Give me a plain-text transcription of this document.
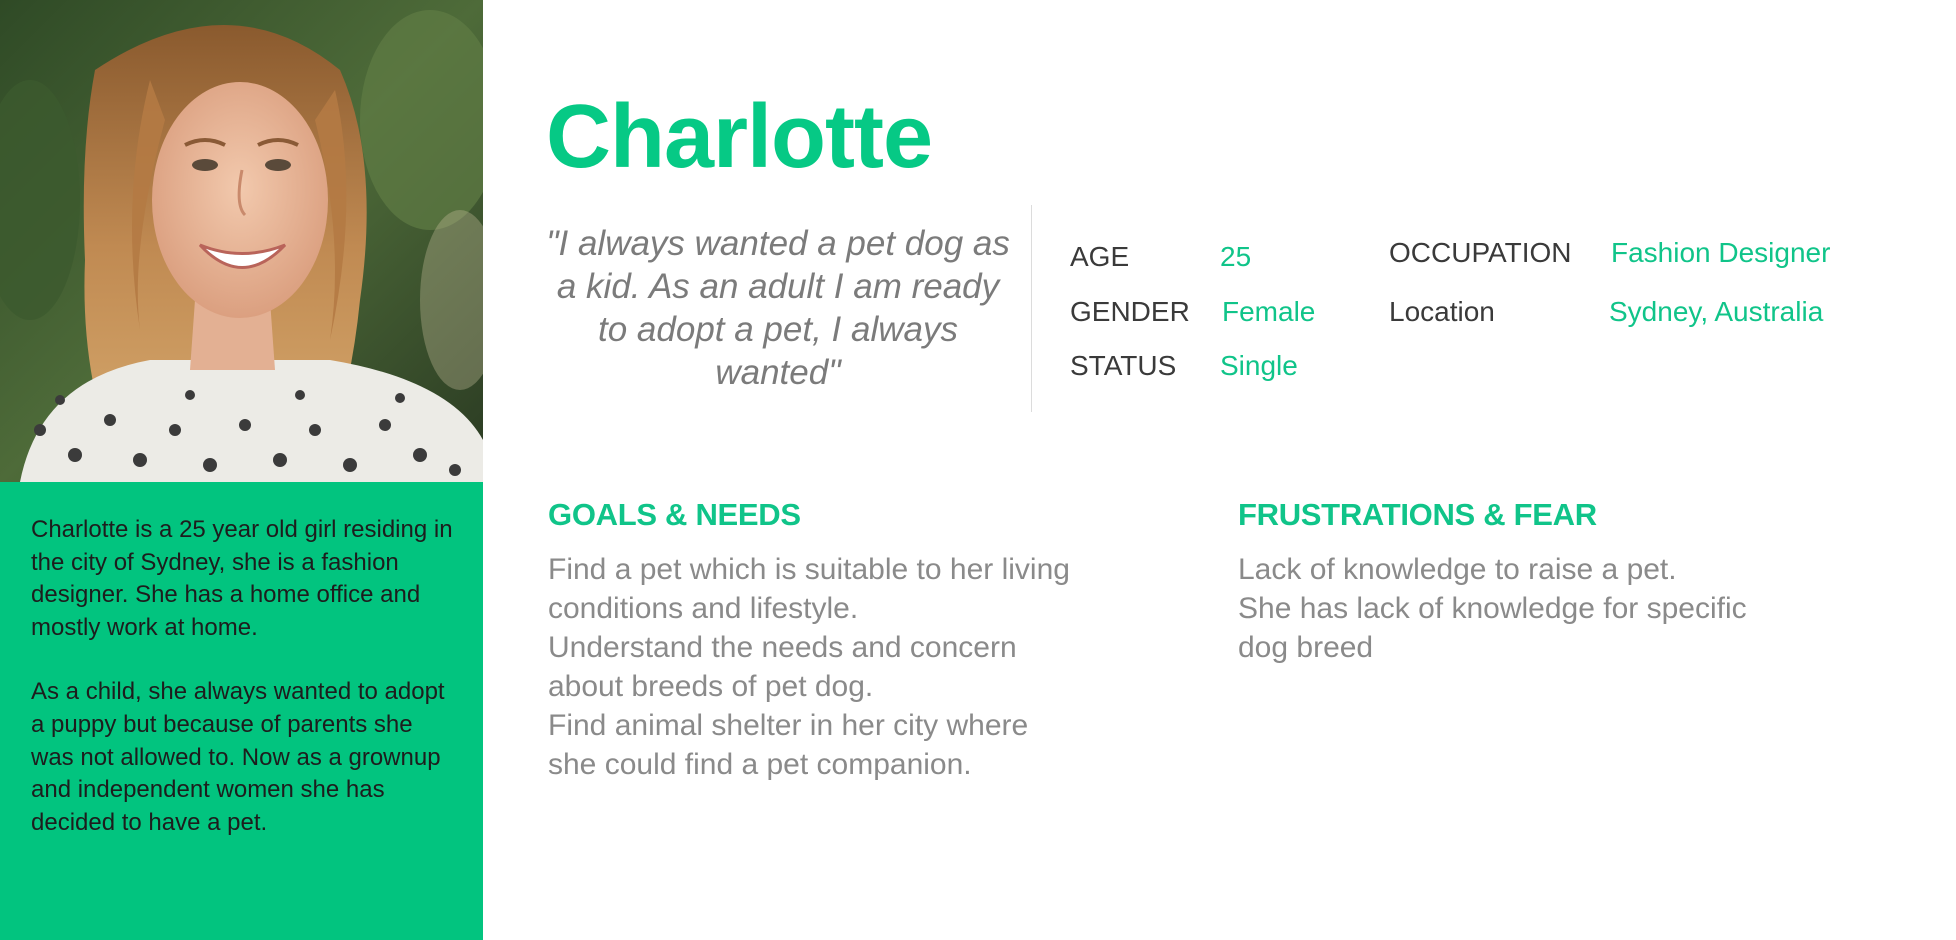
Charlotte is a 25 year old girl residing in the city of Sydney, she is a fashion designer. She has a home office and mostly work at home.

As a child, she always wanted to adopt a puppy but because of parents she was not allowed to. Now as a grownup and independent women she has decided to have a pet.

Charlotte

"I always wanted a pet dog as a kid. As an adult I am ready to adopt a pet, I always wanted"

AGE	25

GENDER Female

STATUS Single

OCCUPATION Fashion Designer

Location	Sydney, Australia

GOALS & NEEDS

Find a pet which is suitable to her living
conditions and lifestyle.
Understand the needs and concern
about breeds of pet dog.
Find animal shelter in her city where
she could find a pet companion.

FRUSTRATIONS & FEAR

Lack of knowledge to raise a pet.
She has lack of knowledge for specific
dog breed
